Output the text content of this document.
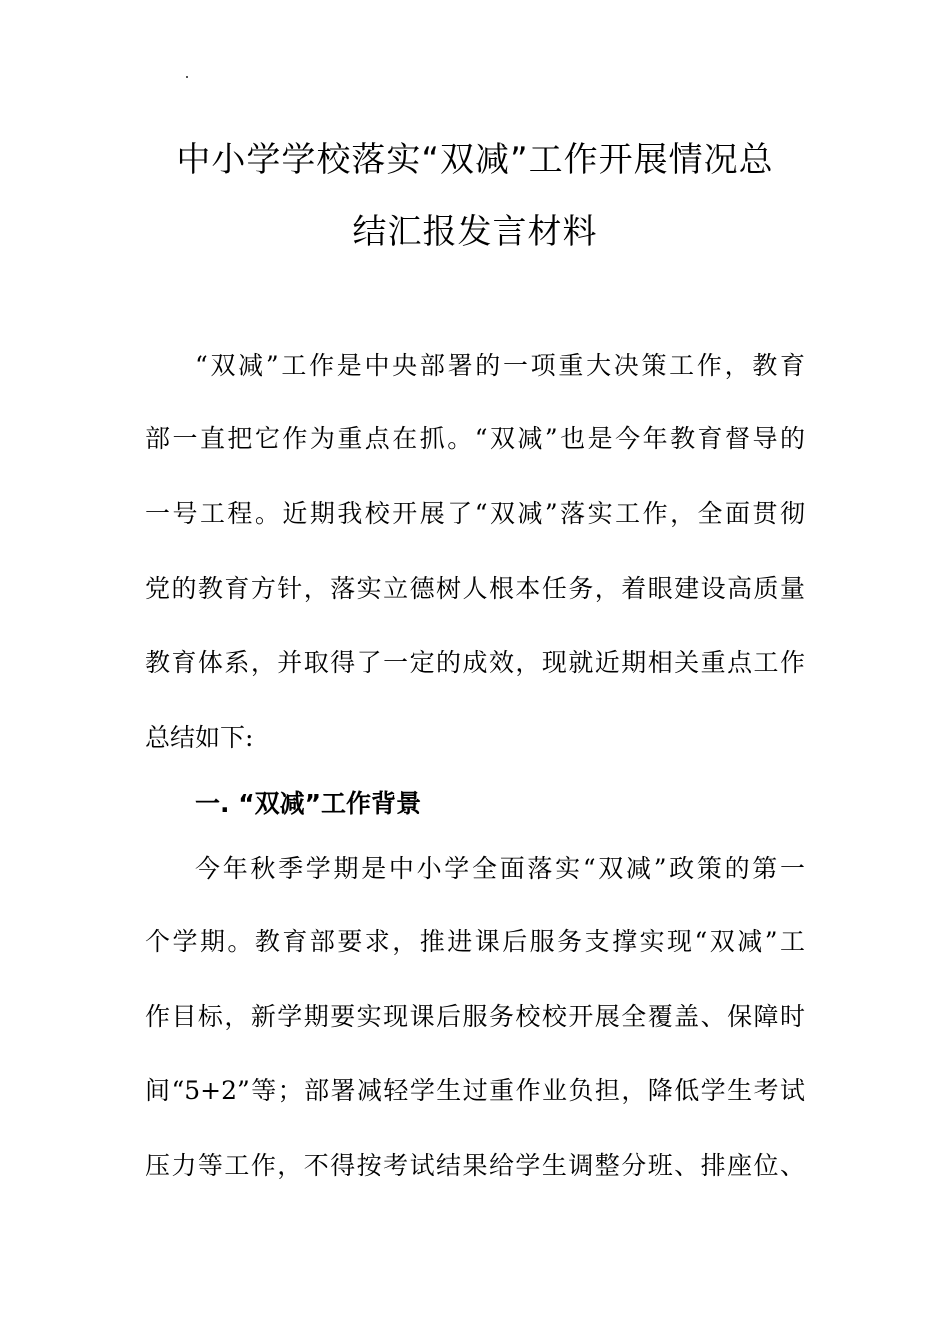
中小学学校落实“双减”工作开展情况总
结汇报发言材料
“双减”工作是中央部署的一项重大决策工作，教育
部一直把它作为重点在抓。“双减”也是今年教育督导的
一号工程。近期我校开展了“双减”落实工作，全面贯彻
党的教育方针，落实立德树人根本任务，着眼建设高质量
教育体系，并取得了一定的成效，现就近期相关重点工作
总结如下:
一. “双减”工作背景
今年秋季学期是中小学全面落实“双减”政策的第一
个学期。教育部要求，推进课后服务支撑实现“双减”工
作目标，新学期要实现课后服务校校开展全覆盖、保障时
间“5+2”等；部署减轻学生过重作业负担，降低学生考试
压力等工作，不得按考试结果给学生调整分班、排座位、
